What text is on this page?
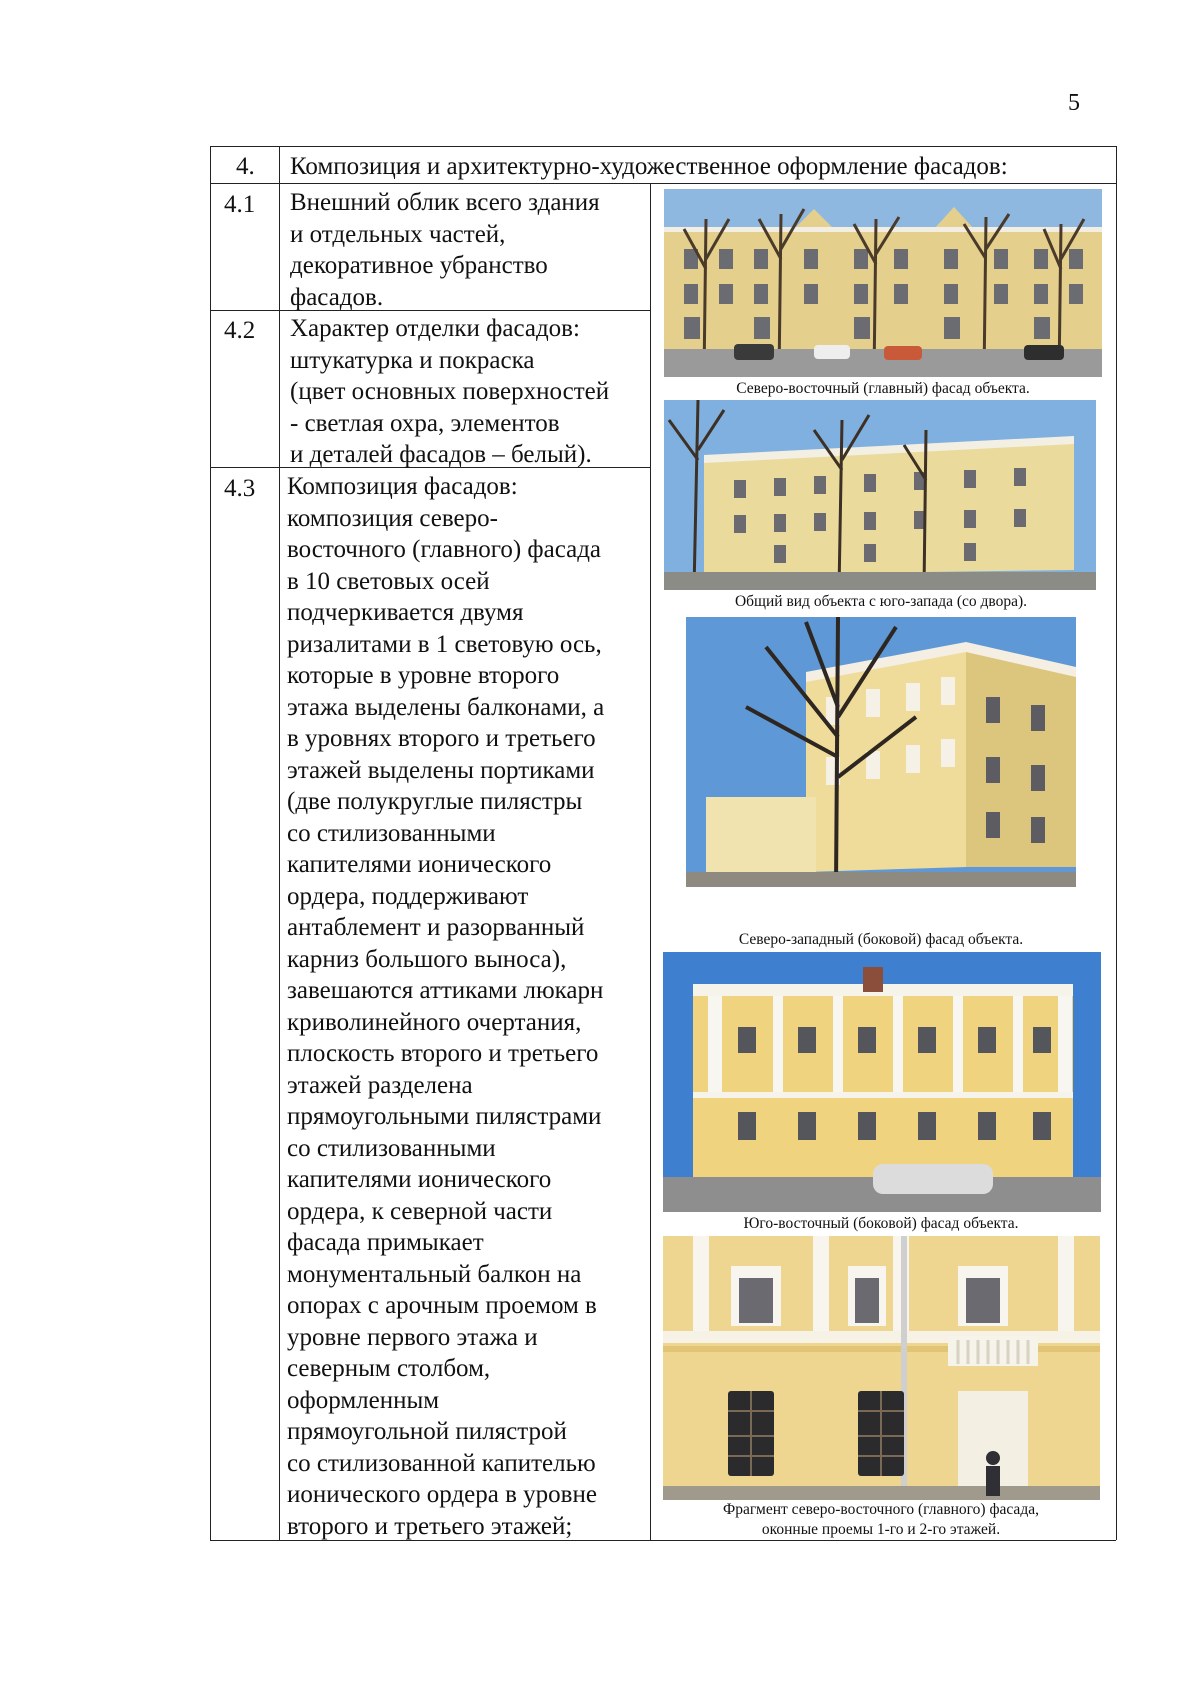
5
4. Композиция и архитектурно-художественное оформление фасадов:
4.1 Внешний облик всего здания
и отдельных частей,
декоративное убранство
фасадов.
4.2 Характер отделки фасадов:
штукатурка и покраска
(цвет основных поверхностей
- светлая охра, элементов
и деталей фасадов – белый).
4.3 Композиция фасадов:
композиция северо-
восточного (главного) фасада
в 10 световых осей
подчеркивается двумя
ризалитами в 1 световую ось,
которые в уровне второго
этажа выделены балконами, а
в уровнях второго и третьего
этажей выделены портиками
(две полукруглые пилястры
со стилизованными
капителями ионического
ордера, поддерживают
антаблемент и разорванный
карниз большого выноса),
завешаются аттиками люкарн
криволинейного очертания,
плоскость второго и третьего
этажей разделена
прямоугольными пилястрами
со стилизованными
капителями ионического
ордера, к северной части
фасада примыкает
монументальный балкон на
опорах с арочным проемом в
уровне первого этажа и
северным столбом,
оформленным
прямоугольной пилястрой
со стилизованной капителью
ионического ордера в уровне
второго и третьего этажей;
Северо-восточный (главный) фасад объекта.
Общий вид объекта с юго-запада (со двора).
Северо-западный (боковой) фасад объекта.
Юго-восточный (боковой) фасад объекта.
Фрагмент северо-восточного (главного) фасада,
оконные проемы 1-го и 2-го этажей.
